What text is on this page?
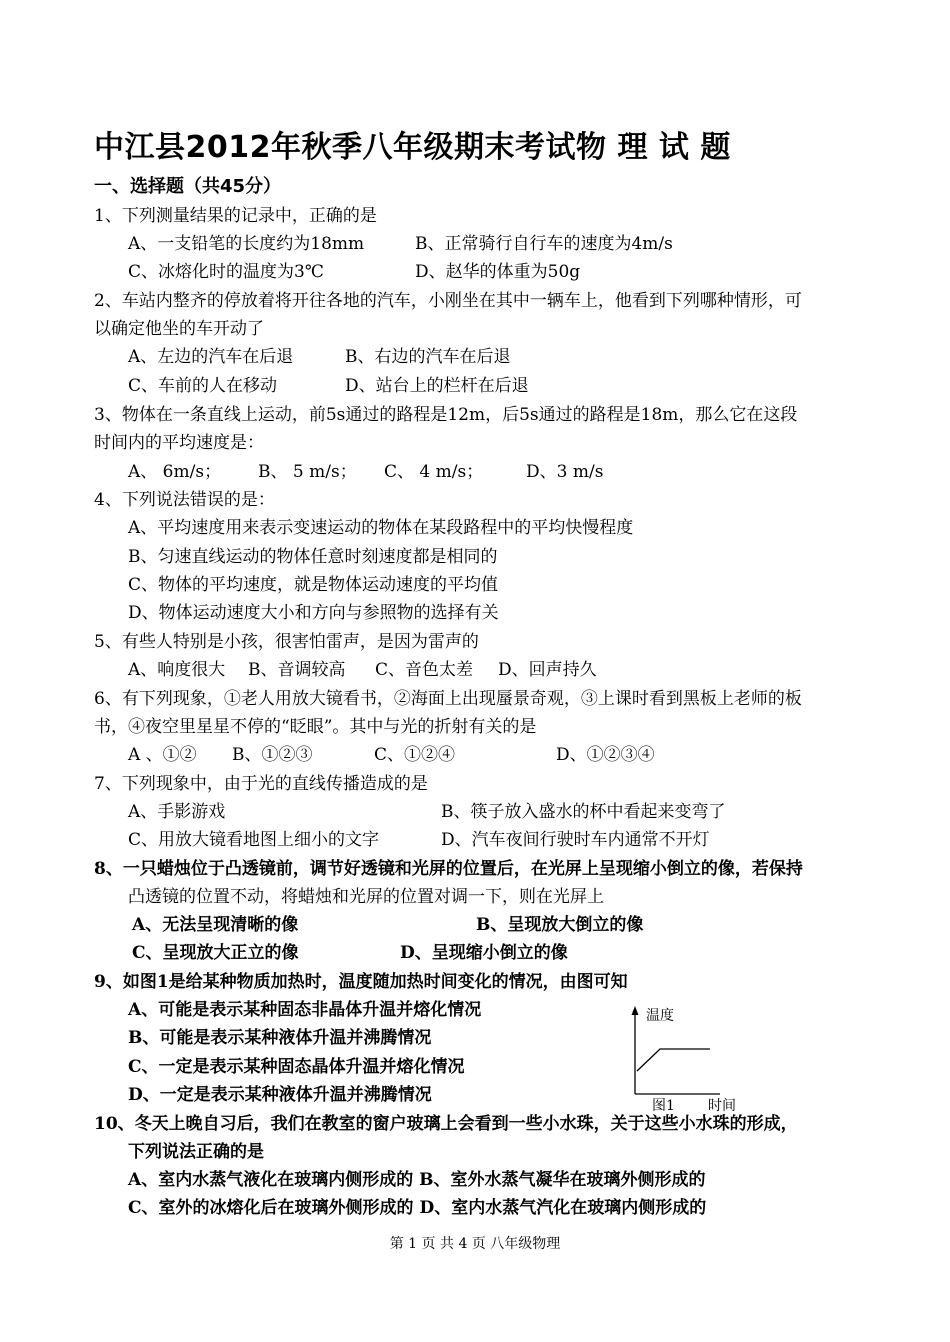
中江县2012年秋季八年级期末考试物 理 试 题
一、选择题（共45分）
1、下列测量结果的记录中，正确的是
A、一支铅笔的长度约为18mm	B、正常骑行自行车的速度为4m/s
C、冰熔化时的温度为3℃	D、赵华的体重为50g
2、车站内整齐的停放着将开往各地的汽车，小刚坐在其中一辆车上，他看到下列哪种情形，可
以确定他坐的车开动了
A、左边的汽车在后退	B、右边的汽车在后退
C、车前的人在移动	D、站台上的栏杆在后退
3、物体在一条直线上运动，前5s通过的路程是12m，后5s通过的路程是18m，那么它在这段
时间内的平均速度是：
A、 6m/s； B、 5 m/s； C、 4 m/s；	D、3 m/s
4、下列说法错误的是：
A、平均速度用来表示变速运动的物体在某段路程中的平均快慢程度
B、匀速直线运动的物体任意时刻速度都是相同的
C、物体的平均速度，就是物体运动速度的平均值
D、物体运动速度大小和方向与参照物的选择有关
5、有些人特别是小孩，很害怕雷声，是因为雷声的
A、响度很大 B、音调较高 C、音色太差 D、回声持久
6、有下列现象，①老人用放大镜看书，②海面上出现蜃景奇观，③上课时看到黑板上老师的板
书，④夜空里星星不停的“眨眼”。其中与光的折射有关的是
A 、①② B、①②③	C、①②④	D、①②③④
7、下列现象中，由于光的直线传播造成的是
A、手影游戏	B、筷子放入盛水的杯中看起来变弯了
C、用放大镜看地图上细小的文字	D、汽车夜间行驶时车内通常不开灯
8、一只蜡烛位于凸透镜前，调节好透镜和光屏的位置后，在光屏上呈现缩小倒立的像，若保持
凸透镜的位置不动，将蜡烛和光屏的位置对调一下，则在光屏上
A、无法呈现清晰的像	B、呈现放大倒立的像
C、呈现放大正立的像	D、呈现缩小倒立的像
9、如图1是给某种物质加热时，温度随加热时间变化的情况，由图可知
A、可能是表示某种固态非晶体升温并熔化情况
B、可能是表示某种液体升温并沸腾情况
C、一定是表示某种固态晶体升温并熔化情况
D、一定是表示某种液体升温并沸腾情况
温度
图1 时间
10、冬天上晚自习后，我们在教室的窗户玻璃上会看到一些小水珠，关于这些小水珠的形成，
下列说法正确的是
A、室内水蒸气液化在玻璃内侧形成的 B、室外水蒸气凝华在玻璃外侧形成的
C、室外的冰熔化后在玻璃外侧形成的 D、室内水蒸气汽化在玻璃内侧形成的
第 1 页 共 4 页 八年级物理
